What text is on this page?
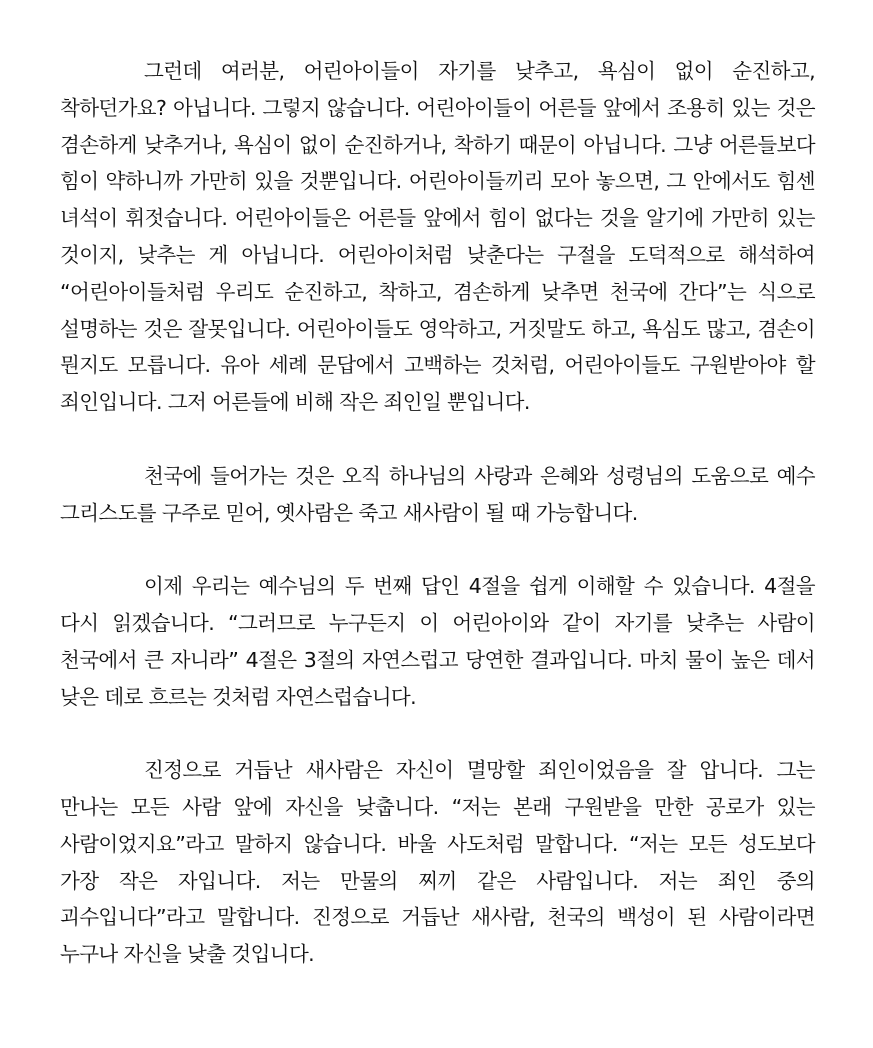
그런데 여러분, 어린아이들이 자기를 낮추고, 욕심이 없이 순진하고, 착하던가요? 아닙니다. 그렇지 않습니다. 어린아이들이 어른들 앞에서 조용히 있는 것은 겸손하게 낮추거나, 욕심이 없이 순진하거나, 착하기 때문이 아닙니다. 그냥 어른들보다 힘이 약하니까 가만히 있을 것뿐입니다. 어린아이들끼리 모아 놓으면, 그 안에서도 힘센 녀석이 휘젓습니다. 어린아이들은 어른들 앞에서 힘이 없다는 것을 알기에 가만히 있는 것이지, 낮추는 게 아닙니다. 어린아이처럼 낮춘다는 구절을 도덕적으로 해석하여 “어린아이들처럼 우리도 순진하고, 착하고, 겸손하게 낮추면 천국에 간다”는 식으로 설명하는 것은 잘못입니다. 어린아이들도 영악하고, 거짓말도 하고, 욕심도 많고, 겸손이 뭔지도 모릅니다. 유아 세례 문답에서 고백하는 것처럼, 어린아이들도 구원받아야 할 죄인입니다. 그저 어른들에 비해 작은 죄인일 뿐입니다.

천국에 들어가는 것은 오직 하나님의 사랑과 은혜와 성령님의 도움으로 예수 그리스도를 구주로 믿어, 옛사람은 죽고 새사람이 될 때 가능합니다.

이제 우리는 예수님의 두 번째 답인 4절을 쉽게 이해할 수 있습니다. 4절을 다시 읽겠습니다. “그러므로 누구든지 이 어린아이와 같이 자기를 낮추는 사람이 천국에서 큰 자니라” 4절은 3절의 자연스럽고 당연한 결과입니다. 마치 물이 높은 데서 낮은 데로 흐르는 것처럼 자연스럽습니다.

진정으로 거듭난 새사람은 자신이 멸망할 죄인이었음을 잘 압니다. 그는 만나는 모든 사람 앞에 자신을 낮춥니다. “저는 본래 구원받을 만한 공로가 있는 사람이었지요”라고 말하지 않습니다. 바울 사도처럼 말합니다. “저는 모든 성도보다 가장 작은 자입니다. 저는 만물의 찌끼 같은 사람입니다. 저는 죄인 중의 괴수입니다”라고 말합니다. 진정으로 거듭난 새사람, 천국의 백성이 된 사람이라면 누구나 자신을 낮출 것입니다.
